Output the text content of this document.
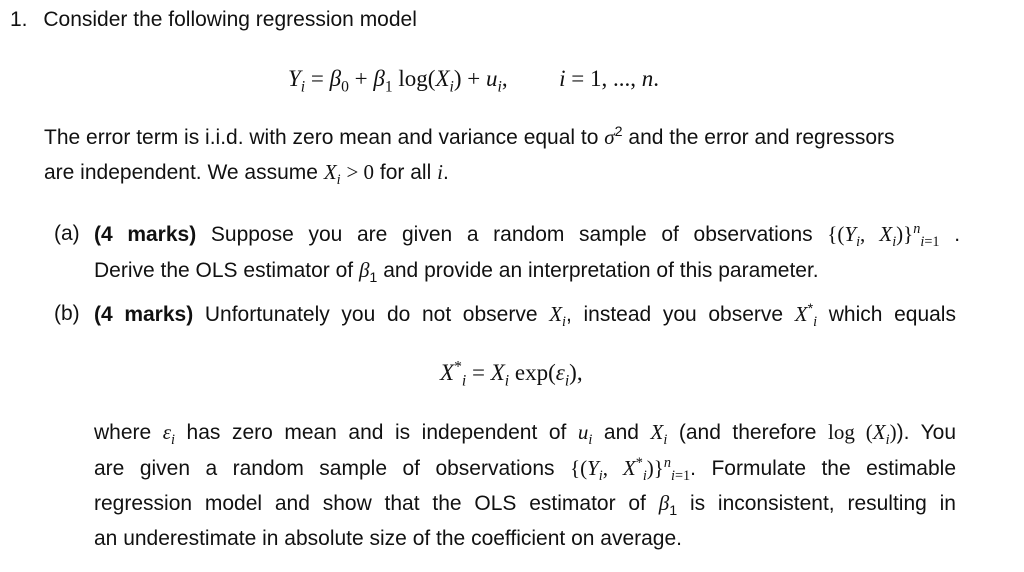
1. Consider the following regression model
$Y_i = \beta_0 + \beta_1$ $\log(X_i) + u_i$,  i = 1, ..., n.
The error term is i.i.d. with zero mean and variance equal to $\sigma^2$ and the error and regressors
are independent. We assume $X_i > 0$ for all i.
(a) (4 marks) Suppose you are given a random sample of observations {($Y_i$, $X_i)\}^n_{i=1}$ .
Derive the OLS estimator of $\beta_1$ and provide an interpretation of this parameter.
(b) (4 marks) Unfortunately you do not observe $X_i$, instead you observe $X^*_i$ which equals
$X^*_i = X_i$ $\exp(\varepsilon_i)$,
where $\varepsilon_i$ has zero mean and is independent of $u_i$ and $X_i$ (and therefore $\log (X_i)$). You
are given a random sample of observations {($Y_i$, $X^*_i)\}^n_{i=1}$. Formulate the estimable
regression model and show that the OLS estimator of $\beta_1$ is inconsistent, resulting in
an underestimate in absolute size of the coefficient on average.
